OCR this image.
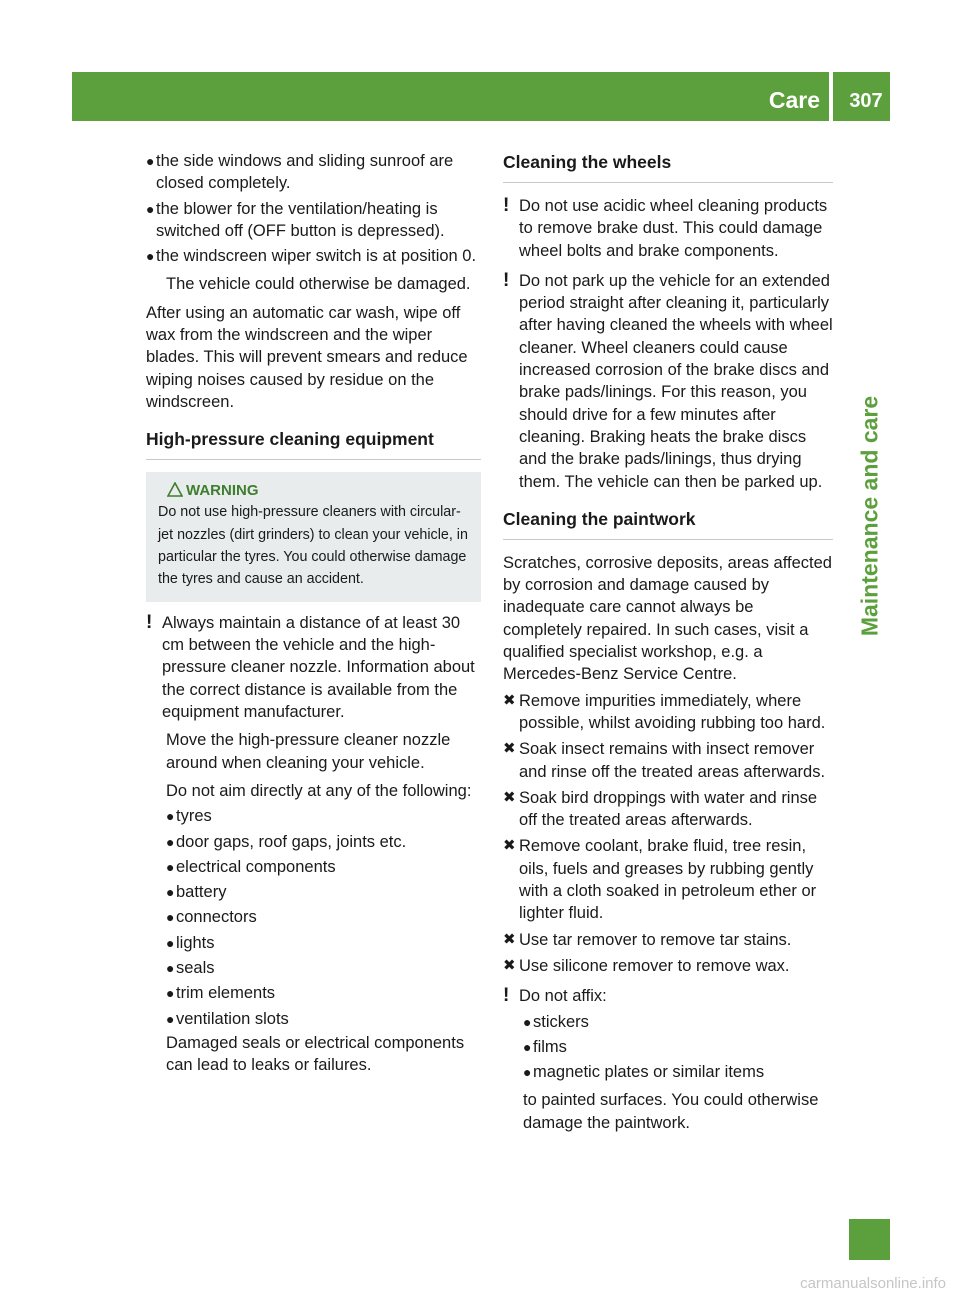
Care	307
Maintenance and care
● the side windows and sliding sunroof are closed completely.
● the blower for the ventilation/heating is switched off (OFF button is depressed).
● the windscreen wiper switch is at position 0.

The vehicle could otherwise be damaged.

After using an automatic car wash, wipe off wax from the windscreen and the wiper blades. This will prevent smears and reduce wiping noises caused by residue on the windscreen.

High-pressure cleaning equipment
WARNING
Do not use high-pressure cleaners with circular-jet nozzles (dirt grinders) to clean your vehicle, in particular the tyres. You could otherwise damage the tyres and cause an accident.
! Always maintain a distance of at least 30 cm between the vehicle and the high-pressure cleaner nozzle. Information about the correct distance is available from the equipment manufacturer.

Move the high-pressure cleaner nozzle around when cleaning your vehicle.

Do not aim directly at any of the following:

● tyres
● door gaps, roof gaps, joints etc.
● electrical components
● battery
● connectors
● lights
● seals
● trim elements
● ventilation slots

Damaged seals or electrical components can lead to leaks or failures.

Cleaning the wheels
! Do not use acidic wheel cleaning products to remove brake dust. This could damage wheel bolts and brake components.
! Do not park up the vehicle for an extended period straight after cleaning it, particularly after having cleaned the wheels with wheel cleaner. Wheel cleaners could cause increased corrosion of the brake discs and brake pads/linings. For this reason, you should drive for a few minutes after cleaning. Braking heats the brake discs and the brake pads/linings, thus drying them. The vehicle can then be parked up.
Cleaning the paintwork

Scratches, corrosive deposits, areas affected by corrosion and damage caused by inadequate care cannot always be completely repaired. In such cases, visit a qualified specialist workshop, e.g. a Mercedes-Benz Service Centre.

✖ Remove impurities immediately, where possible, whilst avoiding rubbing too hard.
✖ Soak insect remains with insect remover and rinse off the treated areas afterwards.
✖ Soak bird droppings with water and rinse off the treated areas afterwards.
✖ Remove coolant, brake fluid, tree resin, oils, fuels and greases by rubbing gently with a cloth soaked in petroleum ether or lighter fluid.
✖ Use tar remover to remove tar stains.
✖ Use silicone remover to remove wax.
! Do not affix:
● stickers
● films
● magnetic plates or similar items

to painted surfaces. You could otherwise damage the paintwork.

carmanualsonline.info
